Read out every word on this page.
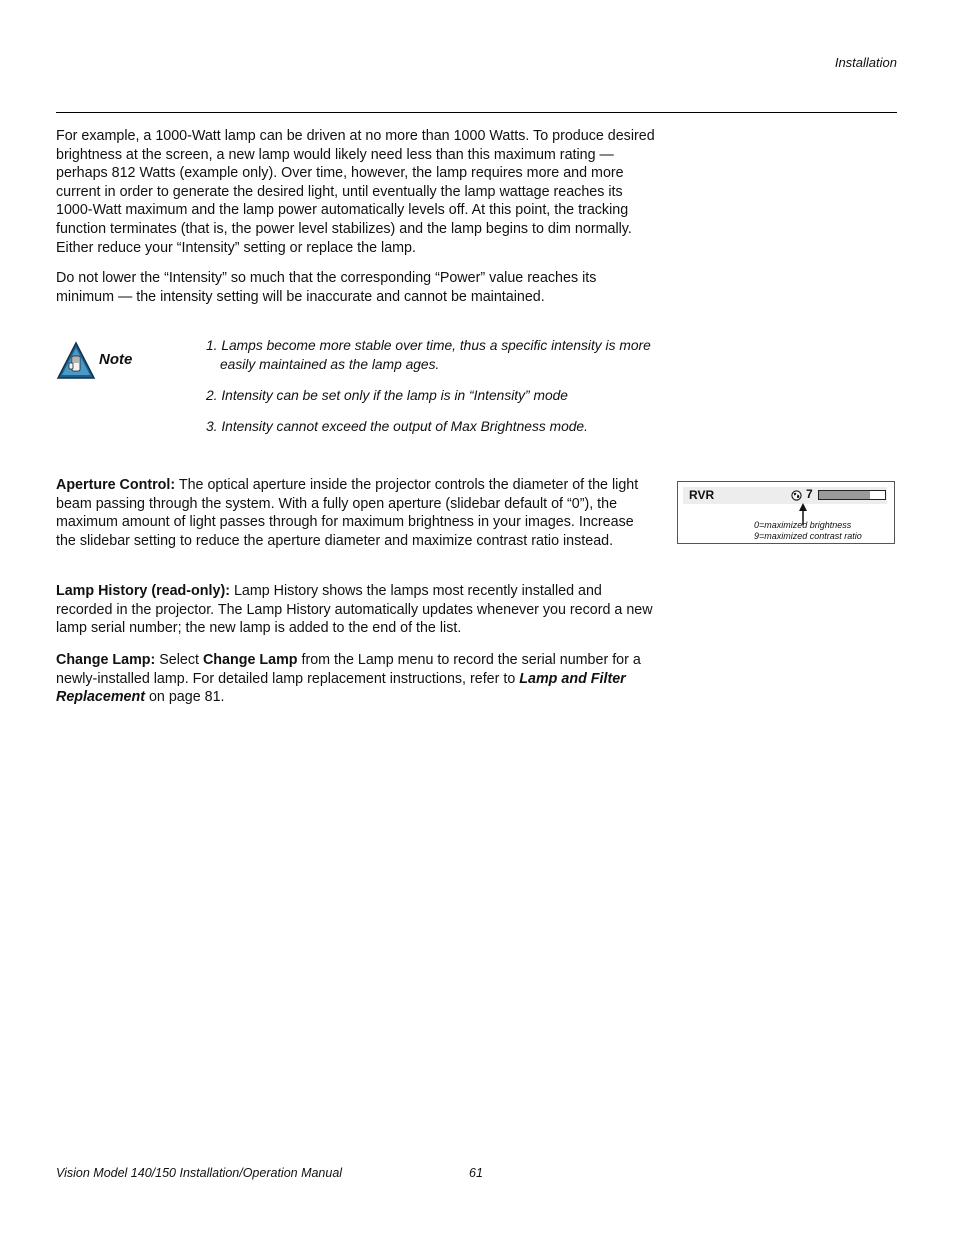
Installation

For example, a 1000-Watt lamp can be driven at no more than 1000 Watts. To produce desired brightness at the screen, a new lamp would likely need less than this maximum rating — perhaps 812 Watts (example only). Over time, however, the lamp requires more and more current in order to generate the desired light, until eventually the lamp wattage reaches its 1000-Watt maximum and the lamp power automatically levels off. At this point, the tracking function terminates (that is, the power level stabilizes) and the lamp begins to dim normally. Either reduce your “Intensity” setting or replace the lamp.

Do not lower the “Intensity” so much that the corresponding “Power” value reaches its minimum — the intensity setting will be inaccurate and cannot be maintained.

Note

1. Lamps become more stable over time, thus a specific intensity is more easily maintained as the lamp ages.

2. Intensity can be set only if the lamp is in “Intensity” mode

3. Intensity cannot exceed the output of Max Brightness mode.

Aperture Control: The optical aperture inside the projector controls the diameter of the light beam passing through the system. With a fully open aperture (slidebar default of “0”), the maximum amount of light passes through for maximum brightness in your images. Increase the slidebar setting to reduce the aperture diameter and maximize contrast ratio instead.

Lamp History (read-only): Lamp History shows the lamps most recently installed and recorded in the projector. The Lamp History automatically updates whenever you record a new lamp serial number; the new lamp is added to the end of the list.

Change Lamp: Select Change Lamp from the Lamp menu to record the serial number for a newly-installed lamp. For detailed lamp replacement instructions, refer to Lamp and Filter Replacement on page 81.

RVR	7
0=maximized brightness
9=maximized contrast ratio
Vision Model 140/150 Installation/Operation Manual	61
